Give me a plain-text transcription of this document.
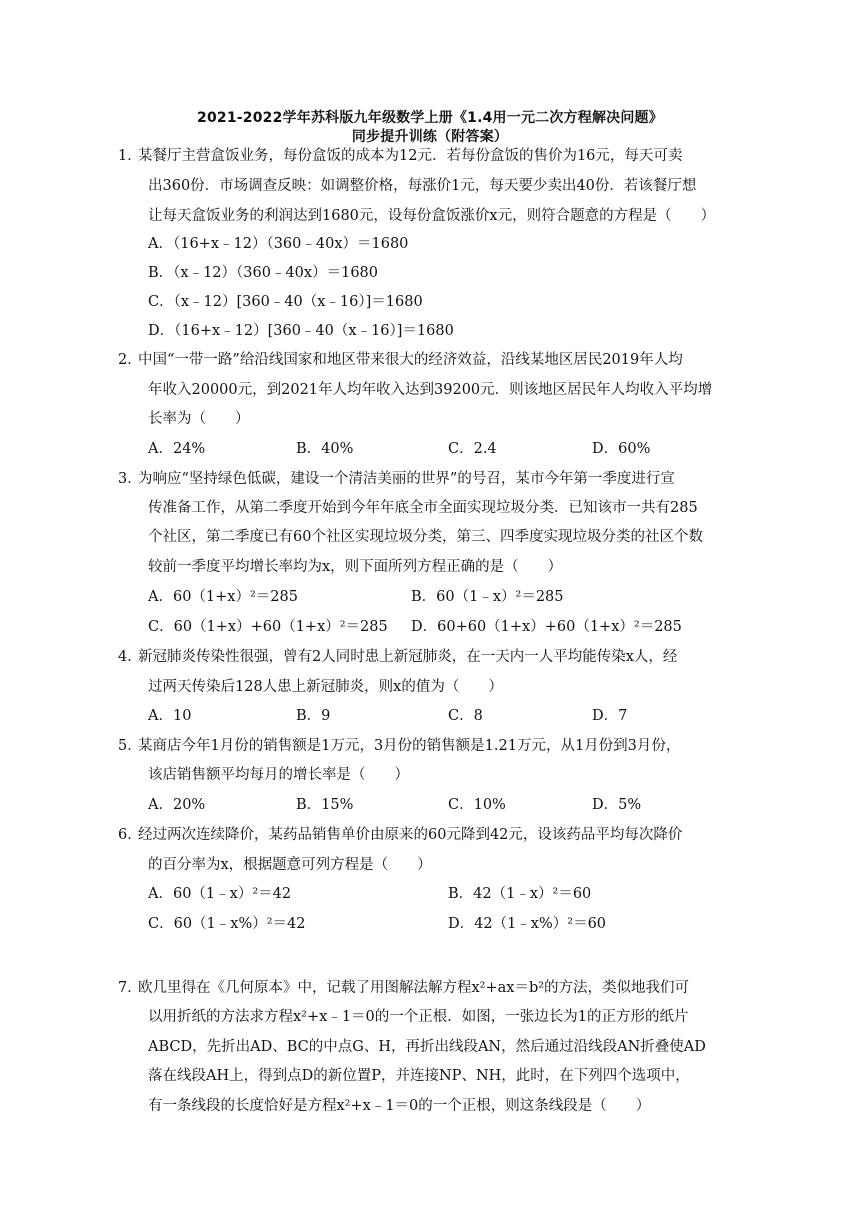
2021-2022学年苏科版九年级数学上册《1.4用一元二次方程解决问题》
同步提升训练（附答案）
1．
某餐厅主营盒饭业务，每份盒饭的成本为12元．若每份盒饭的售价为16元，每天可卖
出360份．市场调查反映：如调整价格，每涨价1元，每天要少卖出40份．若该餐厅想
让每天盒饭业务的利润达到1680元，设每份盒饭涨价x元，则符合题意的方程是（　　）
A．（16+x﹣12）（360﹣40x）＝1680
B．（x﹣12）（360﹣40x）＝1680
C．（x﹣12）[360﹣40（x﹣16）]＝1680
D．（16+x﹣12）[360﹣40（x﹣16）]＝1680
2．
中国“一带一路”给沿线国家和地区带来很大的经济效益，沿线某地区居民2019年人均
年收入20000元，到2021年人均年收入达到39200元．则该地区居民年人均收入平均增
长率为（　　）
A．24%	B．40%	C．2.4	D．60%
3．
为响应“坚持绿色低碳，建设一个清洁美丽的世界”的号召，某市今年第一季度进行宣
传准备工作，从第二季度开始到今年年底全市全面实现垃圾分类．已知该市一共有285
个社区，第二季度已有60个社区实现垃圾分类，第三、四季度实现垃圾分类的社区个数
较前一季度平均增长率均为x，则下面所列方程正确的是（　　）
A．60（1+x）²＝285	B．60（1﹣x）²＝285
C．60（1+x）+60（1+x）²＝285 D．60+60（1+x）+60（1+x）²＝285
4．
新冠肺炎传染性很强，曾有2人同时患上新冠肺炎，在一天内一人平均能传染x人，经
过两天传染后128人患上新冠肺炎，则x的值为（　　）
A．10	B．9	C．8	D．7
5．
某商店今年1月份的销售额是1万元，3月份的销售额是1.21万元，从1月份到3月份，
该店销售额平均每月的增长率是（　　）
A．20%	B．15%	C．10%	D．5%
6．
经过两次连续降价，某药品销售单价由原来的60元降到42元，设该药品平均每次降价
的百分率为x，根据题意可列方程是（　　）
A．60（1﹣x）²＝42	B．42（1﹣x）²＝60
C．60（1﹣x%）²＝42	D．42（1﹣x%）²＝60
7．
欧几里得在《几何原本》中，记载了用图解法解方程x²+ax＝b²的方法，类似地我们可
以用折纸的方法求方程x²+x﹣1＝0的一个正根．如图，一张边长为1的正方形的纸片
ABCD，先折出AD、BC的中点G、H，再折出线段AN，然后通过沿线段AN折叠使AD
落在线段AH上，得到点D的新位置P，并连接NP、NH，此时，在下列四个选项中，
有一条线段的长度恰好是方程x²+x﹣1＝0的一个正根，则这条线段是（　　）
